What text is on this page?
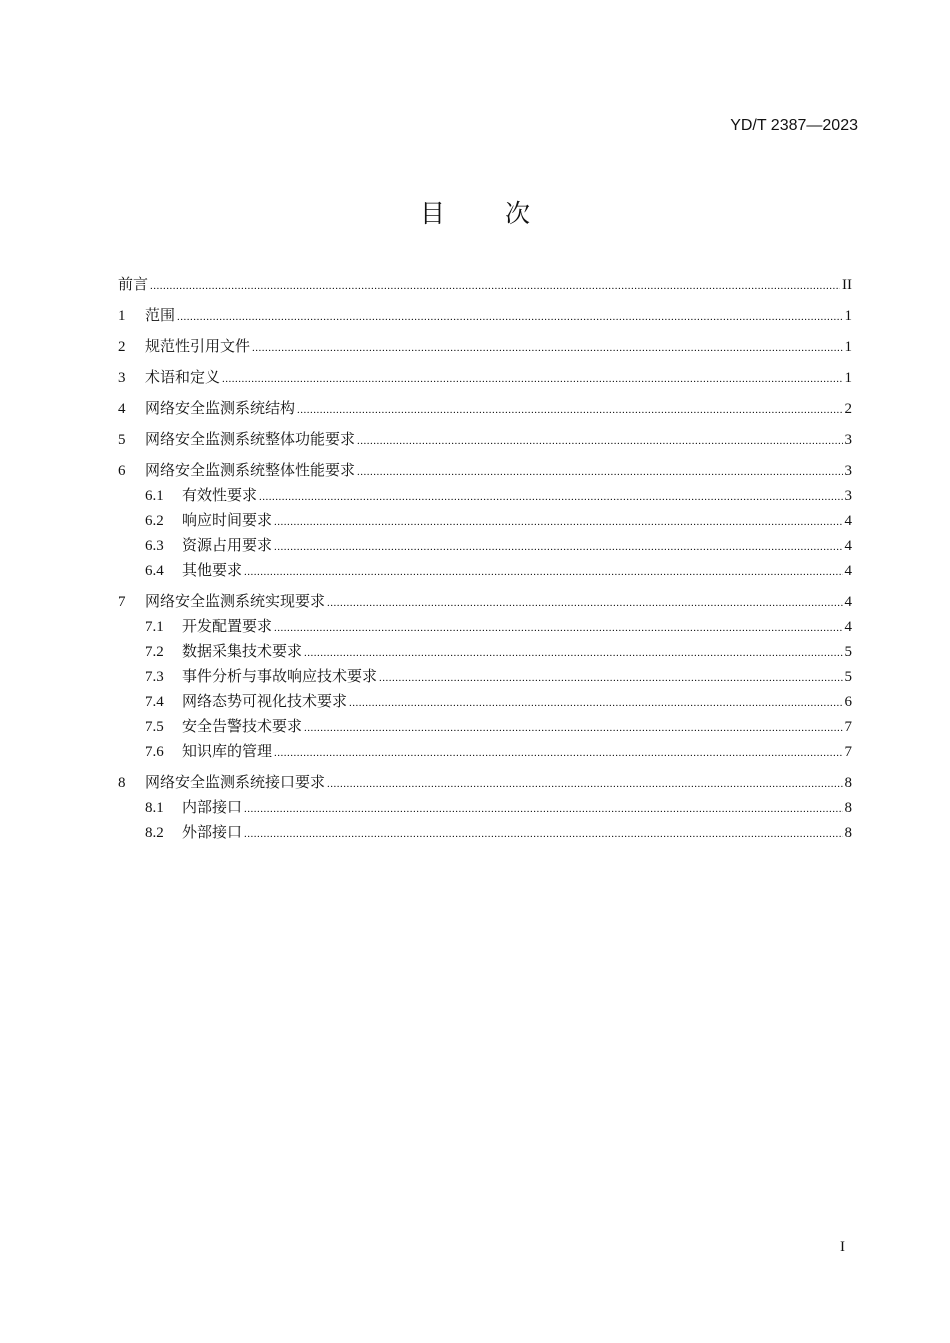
YD/T 2387—2023
目次
前言 .....	II
1	范围 .....	1
2	规范性引用文件 .....	1
3	术语和定义 .....	1
4	网络安全监测系统结构 .....	2
5	网络安全监测系统整体功能要求 .....	3
6	网络安全监测系统整体性能要求 .....	3
6.1	有效性要求 .....	3
6.2	响应时间要求 .....	4
6.3	资源占用要求 .....	4
6.4	其他要求 .....	4
7	网络安全监测系统实现要求 .....	4
7.1	开发配置要求 .....	4
7.2	数据采集技术要求 .....	5
7.3	事件分析与事故响应技术要求 .....	5
7.4	网络态势可视化技术要求 .....	6
7.5	安全告警技术要求 .....	7
7.6	知识库的管理 .....	7
8	网络安全监测系统接口要求 .....	8
8.1	内部接口 .....	8
8.2	外部接口 .....	8
I
